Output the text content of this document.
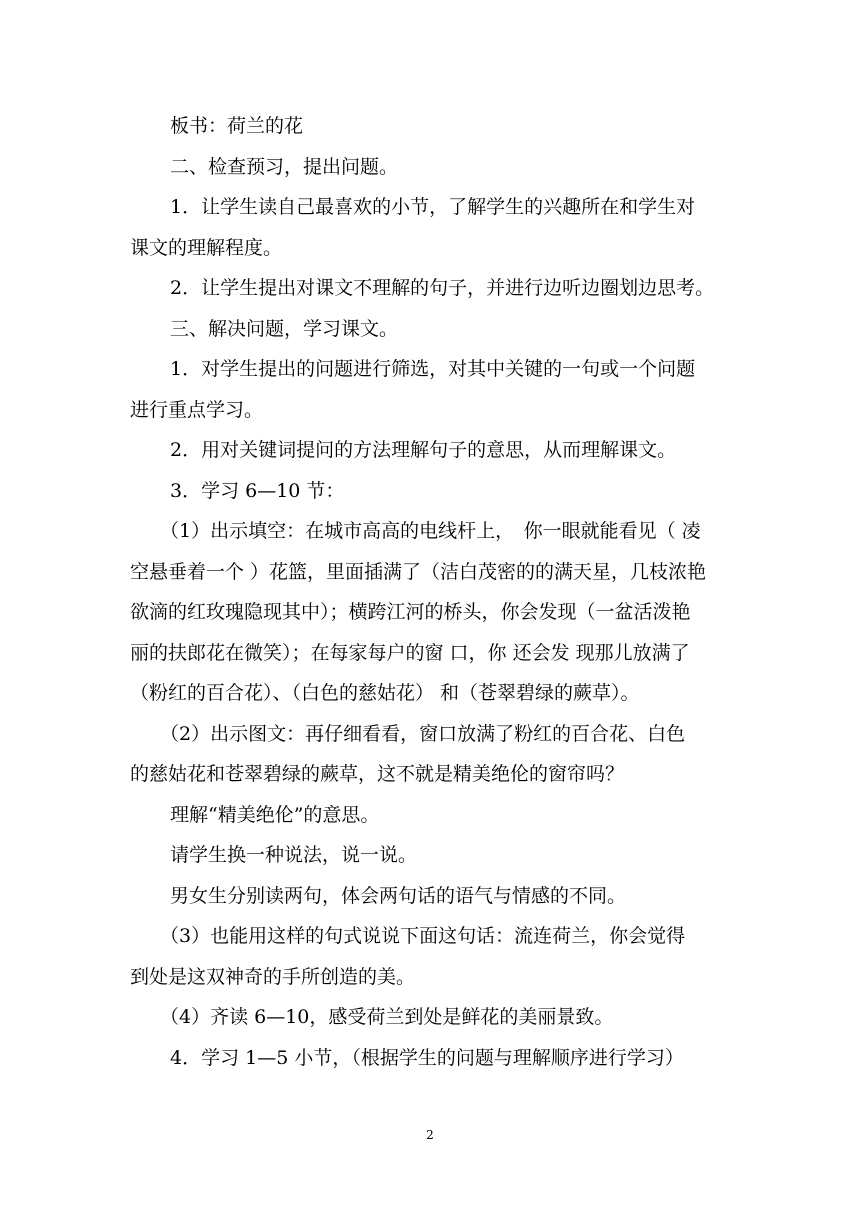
板书：荷兰的花

二、检查预习，提出问题。

1．让学生读自己最喜欢的小节，了解学生的兴趣所在和学生对

课文的理解程度。

2．让学生提出对课文不理解的句子，并进行边听边圈划边思考。

三、解决问题，学习课文。

1．对学生提出的问题进行筛选，对其中关键的一句或一个问题

进行重点学习。

2．用对关键词提问的方法理解句子的意思，从而理解课文。

3．学习 6—10 节：

（1）出示填空：在城市高高的电线杆上，　你一眼就能看见（ 凌

空悬垂着一个 ）花篮，里面插满了（洁白茂密的的满天星，几枝浓艳

欲滴的红玫瑰隐现其中）；横跨江河的桥头，你会发现（一盆活泼艳

丽的扶郎花在微笑）；在每家每户的窗 口，你 还会发 现那儿放满了

（粉红的百合花）、（白色的慈姑花） 和（苍翠碧绿的蕨草）。

（2）出示图文：再仔细看看，窗口放满了粉红的百合花、白色

的慈姑花和苍翠碧绿的蕨草，这不就是精美绝伦的窗帘吗？

理解“精美绝伦”的意思。

请学生换一种说法，说一说。

男女生分别读两句，体会两句话的语气与情感的不同。

（3）也能用这样的句式说说下面这句话：流连荷兰，你会觉得

到处是这双神奇的手所创造的美。

（4）齐读 6—10，感受荷兰到处是鲜花的美丽景致。

4．学习 1—5 小节，（根据学生的问题与理解顺序进行学习）

2
